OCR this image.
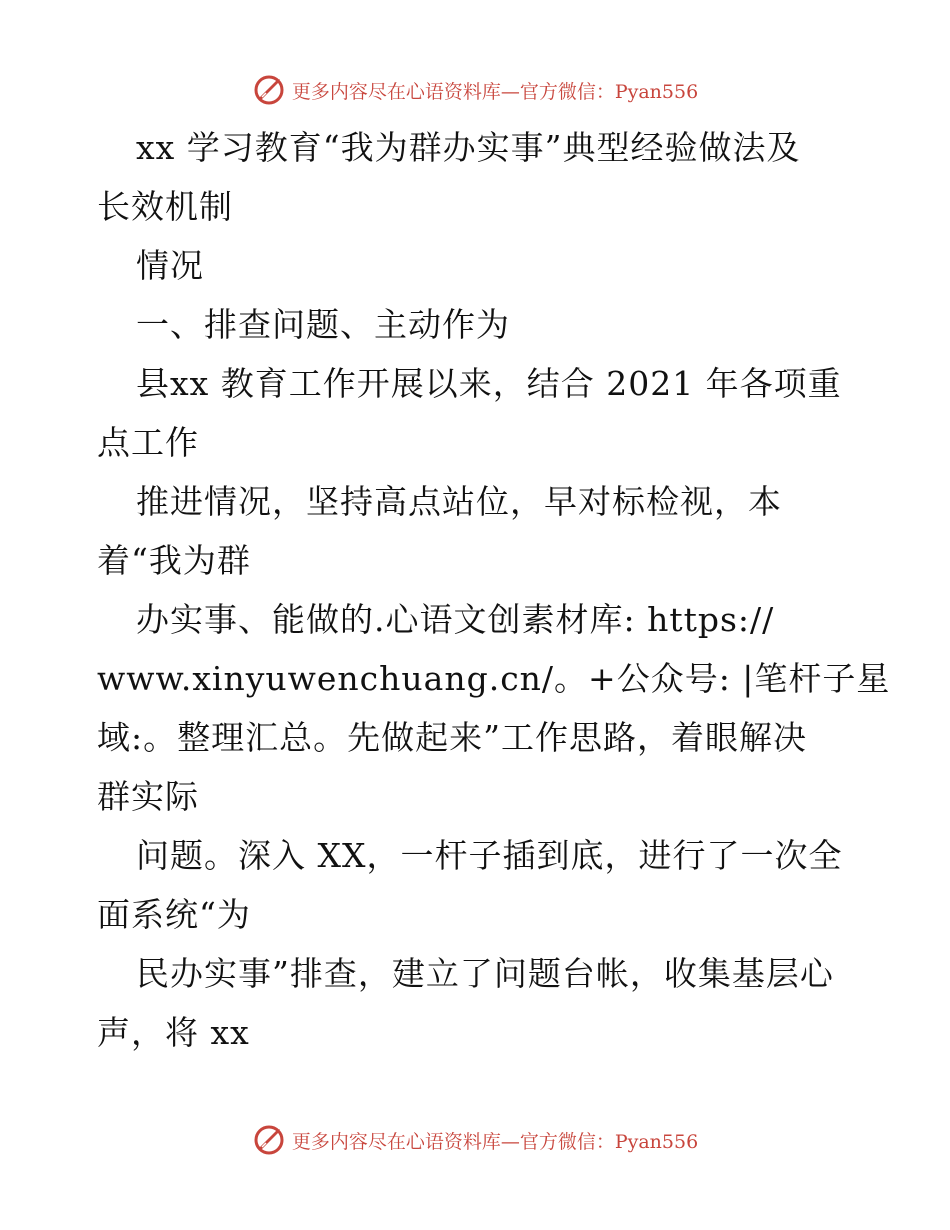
更多内容尽在心语资料库—官方微信：Pyan556
xx 学习教育“我为群办实事”典型经验做法及
长效机制
情况
一、排查问题、主动作为
县xx 教育工作开展以来，结合 2021 年各项重
点工作
推进情况，坚持高点站位，早对标检视，本
着“我为群
办实事、能做的.心语文创素材库: https://
www.xinyuwenchuang.cn/。+公众号: |笔杆子星
域:。整理汇总。先做起来”工作思路，着眼解决
群实际
问题。深入 XX，一杆子插到底，进行了一次全
面系统“为
民办实事”排查，建立了问题台帐，收集基层心
声，将 xx
更多内容尽在心语资料库—官方微信：Pyan556
